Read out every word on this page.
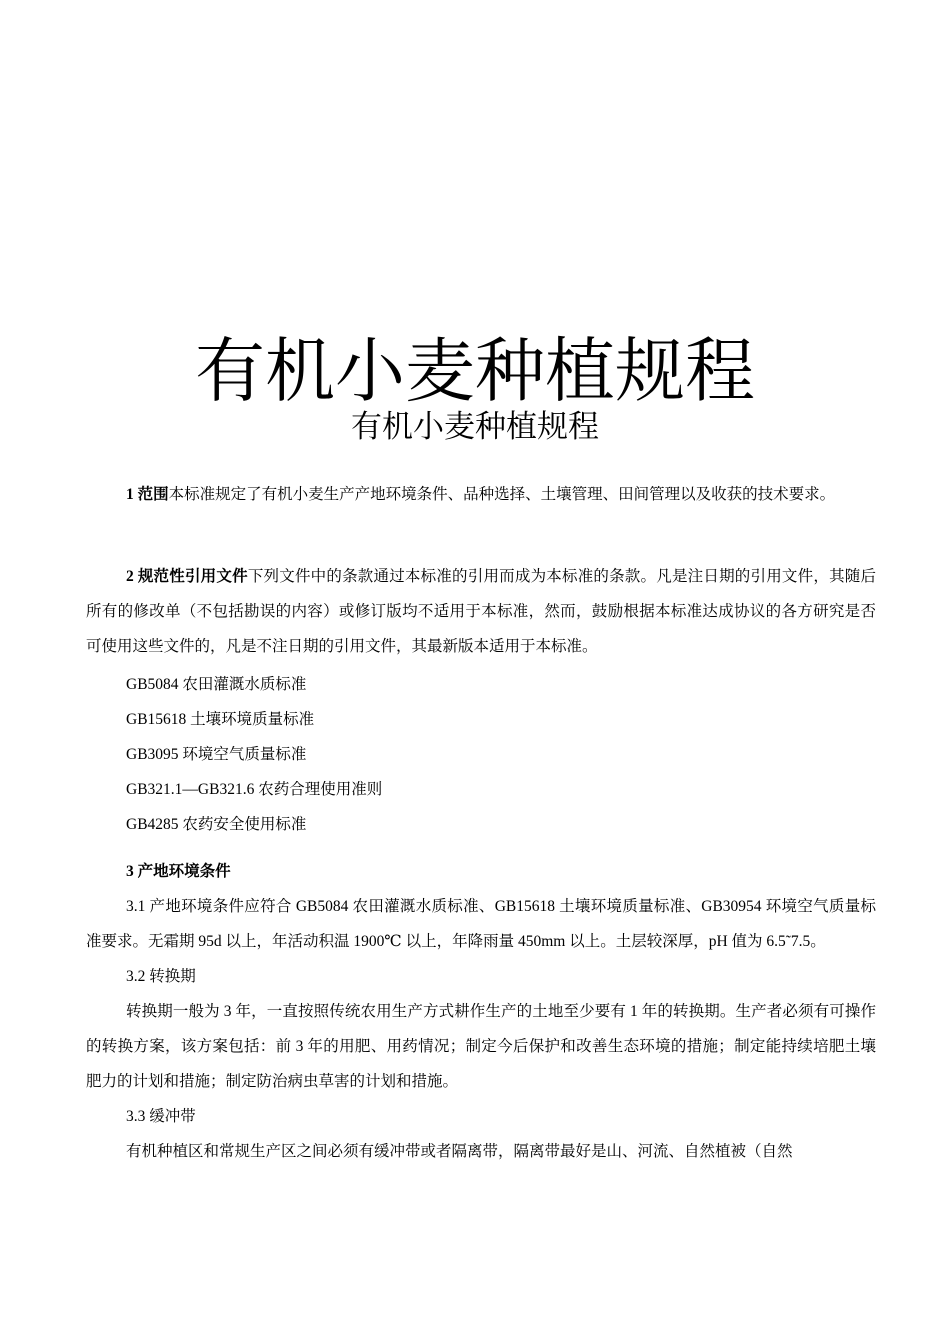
有机小麦种植规程
有机小麦种植规程

1 范围本标准规定了有机小麦生产产地环境条件、品种选择、土壤管理、田间管理以及收获的技术要求。

2 规范性引用文件下列文件中的条款通过本标准的引用而成为本标准的条款。凡是注日期的引用文件，其随后所有的修改单（不包括勘误的内容）或修订版均不适用于本标准，然而，鼓励根据本标准达成协议的各方研究是否可使用这些文件的，凡是不注日期的引用文件，其最新版本适用于本标准。

GB5084 农田灌溉水质标准

GB15618 土壤环境质量标准

GB3095 环境空气质量标准

GB321.1—GB321.6 农药合理使用准则

GB4285 农药安全使用标准

3 产地环境条件

3.1 产地环境条件应符合 GB5084 农田灌溉水质标准、GB15618 土壤环境质量标准、GB30954 环境空气质量标准要求。无霜期 95d 以上，年活动积温 1900℃ 以上，年降雨量 450mm 以上。土层较深厚，pH 值为 6.5˜7.5。

3.2 转换期

转换期一般为 3 年，一直按照传统农用生产方式耕作生产的土地至少要有 1 年的转换期。生产者必须有可操作的转换方案，该方案包括：前 3 年的用肥、用药情况；制定今后保护和改善生态环境的措施；制定能持续培肥土壤肥力的计划和措施；制定防治病虫草害的计划和措施。

3.3 缓冲带

有机种植区和常规生产区之间必须有缓冲带或者隔离带，隔离带最好是山、河流、自然植被（自然
